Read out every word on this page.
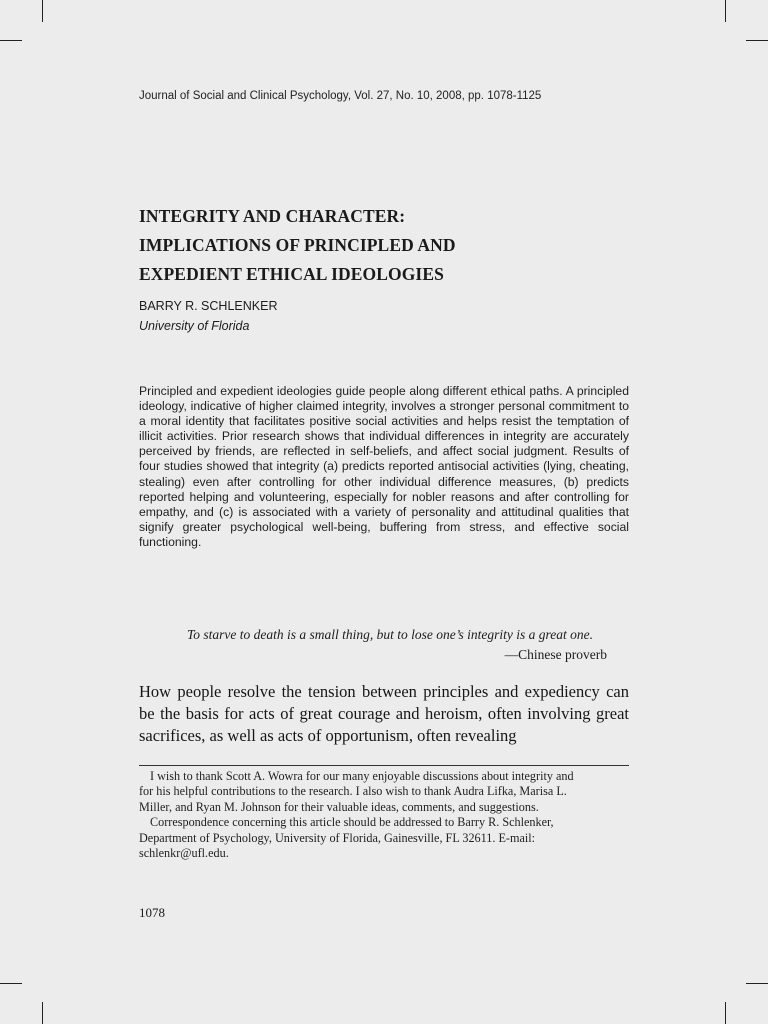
Journal of Social and Clinical Psychology, Vol. 27, No. 10, 2008, pp. 1078-1125
INTEGRITY AND CHARACTER:
IMPLICATIONS OF PRINCIPLED AND
EXPEDIENT ETHICAL IDEOLOGIES
BARRY R. SCHLENKER
University of Florida
Principled and expedient ideologies guide people along different ethical paths. A principled ideology, indicative of higher claimed integrity, involves a stronger personal commitment to a moral identity that facilitates positive social activities and helps resist the temptation of illicit activities. Prior research shows that individual differences in integrity are accurately perceived by friends, are reflected in self-beliefs, and affect social judgment. Results of four studies showed that integrity (a) predicts reported antisocial activities (lying, cheating, stealing) even after controlling for other individual difference measures, (b) predicts reported helping and volunteering, especially for nobler reasons and after controlling for empathy, and (c) is associated with a variety of personality and attitudinal qualities that signify greater psychological well-being, buffering from stress, and effective social functioning.
To starve to death is a small thing, but to lose one’s integrity is a great one.
—Chinese proverb
How people resolve the tension between principles and expediency can be the basis for acts of great courage and heroism, often involving great sacrifices, as well as acts of opportunism, often revealing

I wish to thank Scott A. Wowra for our many enjoyable discussions about integrity and for his helpful contributions to the research. I also wish to thank Audra Lifka, Marisa L. Miller, and Ryan M. Johnson for their valuable ideas, comments, and suggestions.

Correspondence concerning this article should be addressed to Barry R. Schlenker, Department of Psychology, University of Florida, Gainesville, FL 32611. E-mail: schlenkr@ufl.edu.

1078
